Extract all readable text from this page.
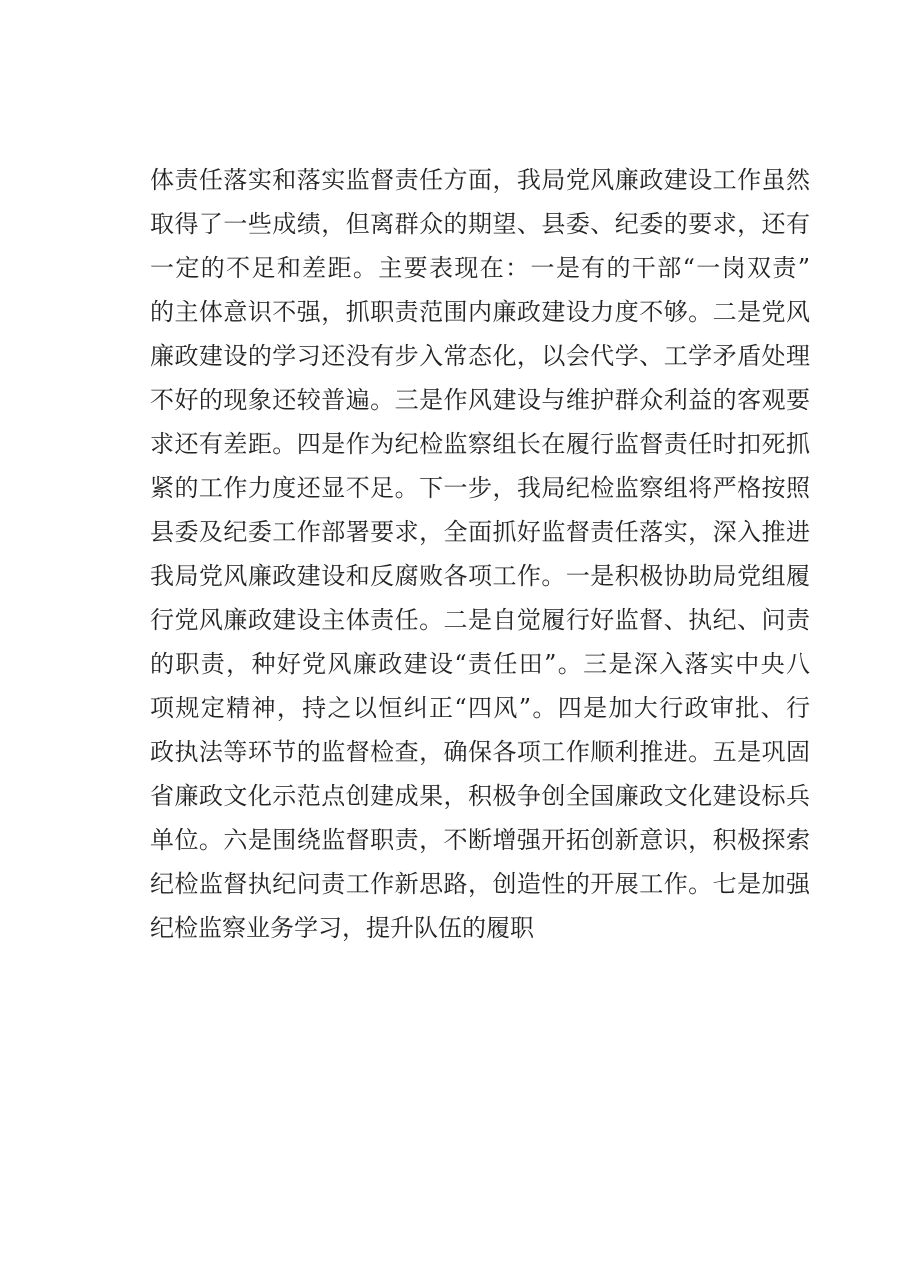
体责任落实和落实监督责任方面，我局党风廉政建设工作虽然
取得了一些成绩，但离群众的期望、县委、纪委的要求，还有
一定的不足和差距。主要表现在：一是有的干部“一岗双责”
的主体意识不强，抓职责范围内廉政建设力度不够。二是党风
廉政建设的学习还没有步入常态化，以会代学、工学矛盾处理
不好的现象还较普遍。三是作风建设与维护群众利益的客观要
求还有差距。四是作为纪检监察组长在履行监督责任时扣死抓
紧的工作力度还显不足。下一步，我局纪检监察组将严格按照
县委及纪委工作部署要求，全面抓好监督责任落实，深入推进
我局党风廉政建设和反腐败各项工作。一是积极协助局党组履
行党风廉政建设主体责任。二是自觉履行好监督、执纪、问责
的职责，种好党风廉政建设“责任田”。三是深入落实中央八
项规定精神，持之以恒纠正“四风”。四是加大行政审批、行
政执法等环节的监督检查，确保各项工作顺利推进。五是巩固
省廉政文化示范点创建成果，积极争创全国廉政文化建设标兵
单位。六是围绕监督职责，不断增强开拓创新意识，积极探索
纪检监督执纪问责工作新思路，创造性的开展工作。七是加强
纪检监察业务学习，提升队伍的履职
